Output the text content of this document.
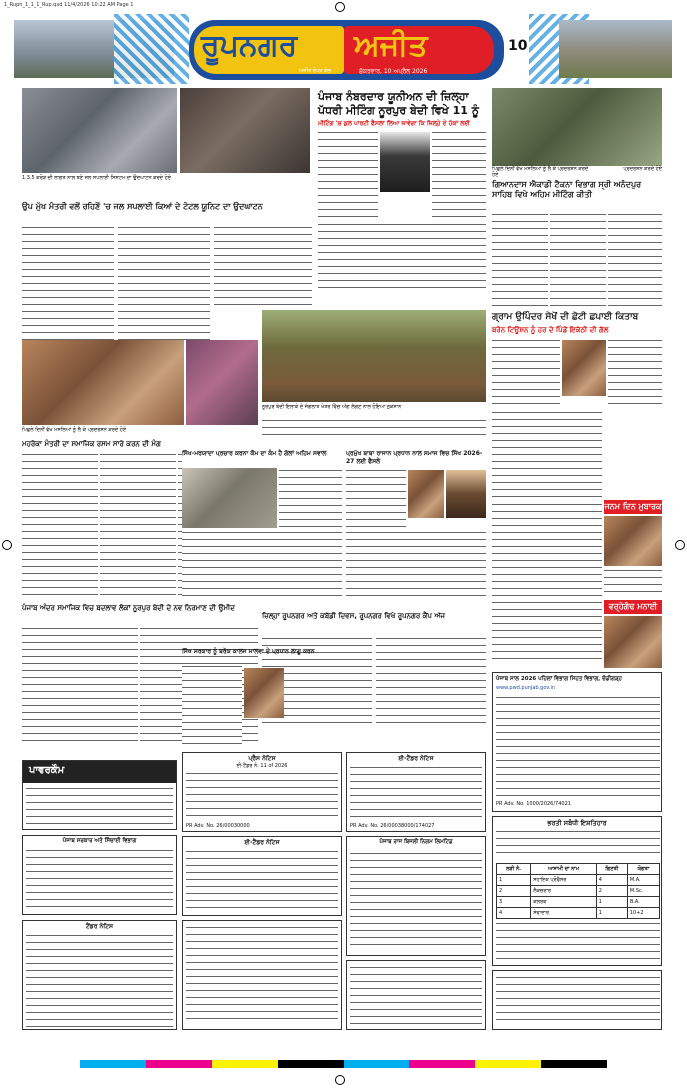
1_Rupn_1_1_1_Rup.qxd 11/4/2026 10:22 AM Page 1
ਰੂਪਨਗਰ ਅਜੀਤ
ਅਜੀਤ ਰੋਪੜ ਕੋਲ	ਸ਼ੁੱਕਰਵਾਰ, 10 ਅਪ੍ਰੈਲ 2026
10
1.3.5 ਕਰੋੜ ਦੀ ਲਾਗਤ ਨਾਲ ਬਣੇ ਜਲ ਸਪਲਾਈ ਸਿਸਟਮ ਦਾ ਉਦਘਾਟਨ ਕਰਦੇ ਹੋਏ
ਪੰਜਾਬ ਨੰਬਰਦਾਰ ਯੂਨੀਅਨ ਦੀ ਜ਼ਿਲ੍ਹਾ
ਪੱਧਰੀ ਮੀਟਿੰਗ ਨੂਰਪੁਰ ਬੇਦੀ ਵਿਖੇ 11 ਨੂੰ
ਮੀਟਿੰਗ 'ਚ ਕੁਲ ਪਾਰਟੀ ਫੈਸਲਾ ਲਿਆ ਜਾਵੇਗਾ ਕਿ ਜ਼ਿਲ੍ਹੇ ਦੇ ਹੱਕਾਂ ਲਈ
ਪਿਛਲੇ ਦਿਨੀਂ ਵੱਖ ਮਸਲਿਆਂ ਨੂੰ ਲੈ ਕੇ ਪ੍ਰਦਰਸ਼ਨ ਕਰਦੇ ਹੋਏ
ਪ੍ਰਦਰਸ਼ਨ ਕਰਦੇ ਹੋਏ
ਉਪ ਮੁੱਖ ਮੰਤਰੀ ਵਲੋਂ ਰਹਿਣੋਂ 'ਚ ਜਲ ਸਪਲਾਈ ਕਿਆਂ ਦੇ ਟੋਟਲ ਯੂਨਿਟ ਦਾ ਉਦਘਾਟਨ
ਗਿਆਨਦਾਸ ਐਕਾਡੀ ਟੈਕਨਾ ਵਿਭਾਗ ਸ੍ਰੀ ਅਨੰਦਪੁਰ ਸਾਹਿਬ ਵਿਖੇ ਅਹਿਮ ਮੀਟਿੰਗ ਕੀਤੀ
ਨੂਰਪੁਰ ਬੇਦੀ ਇਲਾਕੇ ਦੇ ਜੰਗਲਾਤ ਖੇਤਰ ਵਿੱਚ ਅੱਗ ਲੱਗਣ ਨਾਲ ਹੋਇਆ ਨੁਕਸਾਨ
ਪਿਛਲੇ ਦਿਨੀਂ ਵੱਖ ਮਸਲਿਆਂ ਨੂੰ ਲੈ ਕੇ ਪ੍ਰਦਰਸ਼ਨ ਕਰਦੇ ਹੋਏ
ਗ੍ਰਾਮ ਉਪਿੰਦਰ ਸੇਖੋਂ ਦੀ ਛੋਟੀ ਛਪਾਈ ਕਿਤਾਬ
ਬਰੋਨ ਟਿਊਸ਼ਨ ਨੂੰ ਹਰ ਦੇ ਪਿੰਡੋਂ ਇਕੱਠੀ ਦੀ ਗੱਲ
ਜਨਮ ਦਿਨ ਮੁਬਾਰਕ
ਵਰ੍ਹੇਗੰਢ ਮਨਾਈ
ਮਹਰੋਕਾ ਮੰਤਰੀ ਦਾ ਸਮਾਜਿਕ ਰਸਮ ਸਾਰੇ ਕਰਨ ਦੀ ਮੰਗ
ਸਿੱਖ-ਮਰਯਾਦਾ ਪ੍ਰਚਾਰ ਕਰਨਾ ਕੌਮ ਦਾ ਕੰਮ ਹੈ ਗੱਲਾਂ ਅਹਿਮ ਸਵਾਲ	ਪ੍ਰਮੁੱਖ ਬਾਬਾ ਰਾਜਾਨ ਪ੍ਰਧਾਨ ਨਾਲ ਸਮਾਜ ਵਿਚ ਸਿੱਖ 2026-27 ਲਈ ਫੈਸਲੇ
ਪੰਜਾਬ ਅੰਦਰ ਸਮਾਜਿਕ ਵਿਚ ਬਦਲਾਵ ਲੋਕਾਂ ਨੂਰਪੁਰ ਬੇਦੀ ਦੇ ਨਵ ਨਿਰਮਾਣ ਦੀ ਉਮੀਦ
ਜ਼ਿਲ੍ਹਾ ਰੂਪਨਗਰ ਅਤੇ ਕਬੱਡੀ ਦਿਵਸ, ਰੂਪਨਗਰ ਵਿਖੇ ਰੂਪਨਗਰ ਕੈਂਪ ਅੱਜ
ਸਿੱਖ ਸਰਕਾਰ ਨੂੰ ਬਰੋਕ ਕਾਲਜ ਮਾਲਵਾ ਦੇ ਪ੍ਰਧਾਨ ਲਾਗੂ ਕਰਨ
ਪੰਜਾਬ ਸਾਲ 2026 ਪਹਿਲਾਂ ਵਿਭਾਗ ਸਿਹਤ ਵਿਭਾਗ, ਚੰਡੀਗੜ੍ਹ
www.pwd.punjab.gov.in
PR Adv. No. 1000/2026/74021
ਪਾਵਰਕੌਮ
ਪ੍ਰੈਸ ਨੋਟਿਸ
ਈ-ਟੈਂਡਰ ਨੰ. 11 of 2026
PR Adv. No. 26/00030000
ਈ-ਟੈਂਡਰ ਨੋਟਿਸ
PR Adv. No. 26/00038000/174027
ਪੰਜਾਬ ਸਰਕਾਰ ਅਤੇ ਸਿੰਚਾਈ ਵਿਭਾਗ	ਈ-ਟੈਂਡਰ ਨੋਟਿਸ	ਪੰਜਾਬ ਰਾਜ ਬਿਜਲੀ ਨਿਗਮ ਲਿਮਟਿਡ
ਭਰਤੀ ਸਬੰਧੀ ਇਸ਼ਤਿਹਾਰ
ਲੜੀ ਨੰ.	ਆਸਾਮੀ ਦਾ ਨਾਮ	ਗਿਣਤੀ	ਯੋਗਤਾ
1	ਸਹਾਇਕ ਪ੍ਰੋਫੈਸਰ	4	M.A.
2	ਲੈਕਚਰਾਰ	2	M.Sc.
3	ਕਲਰਕ	1	B.A.
4	ਸੇਵਾਦਾਰ	1	10+2
ਟੈਂਡਰ ਨੋਟਿਸ
